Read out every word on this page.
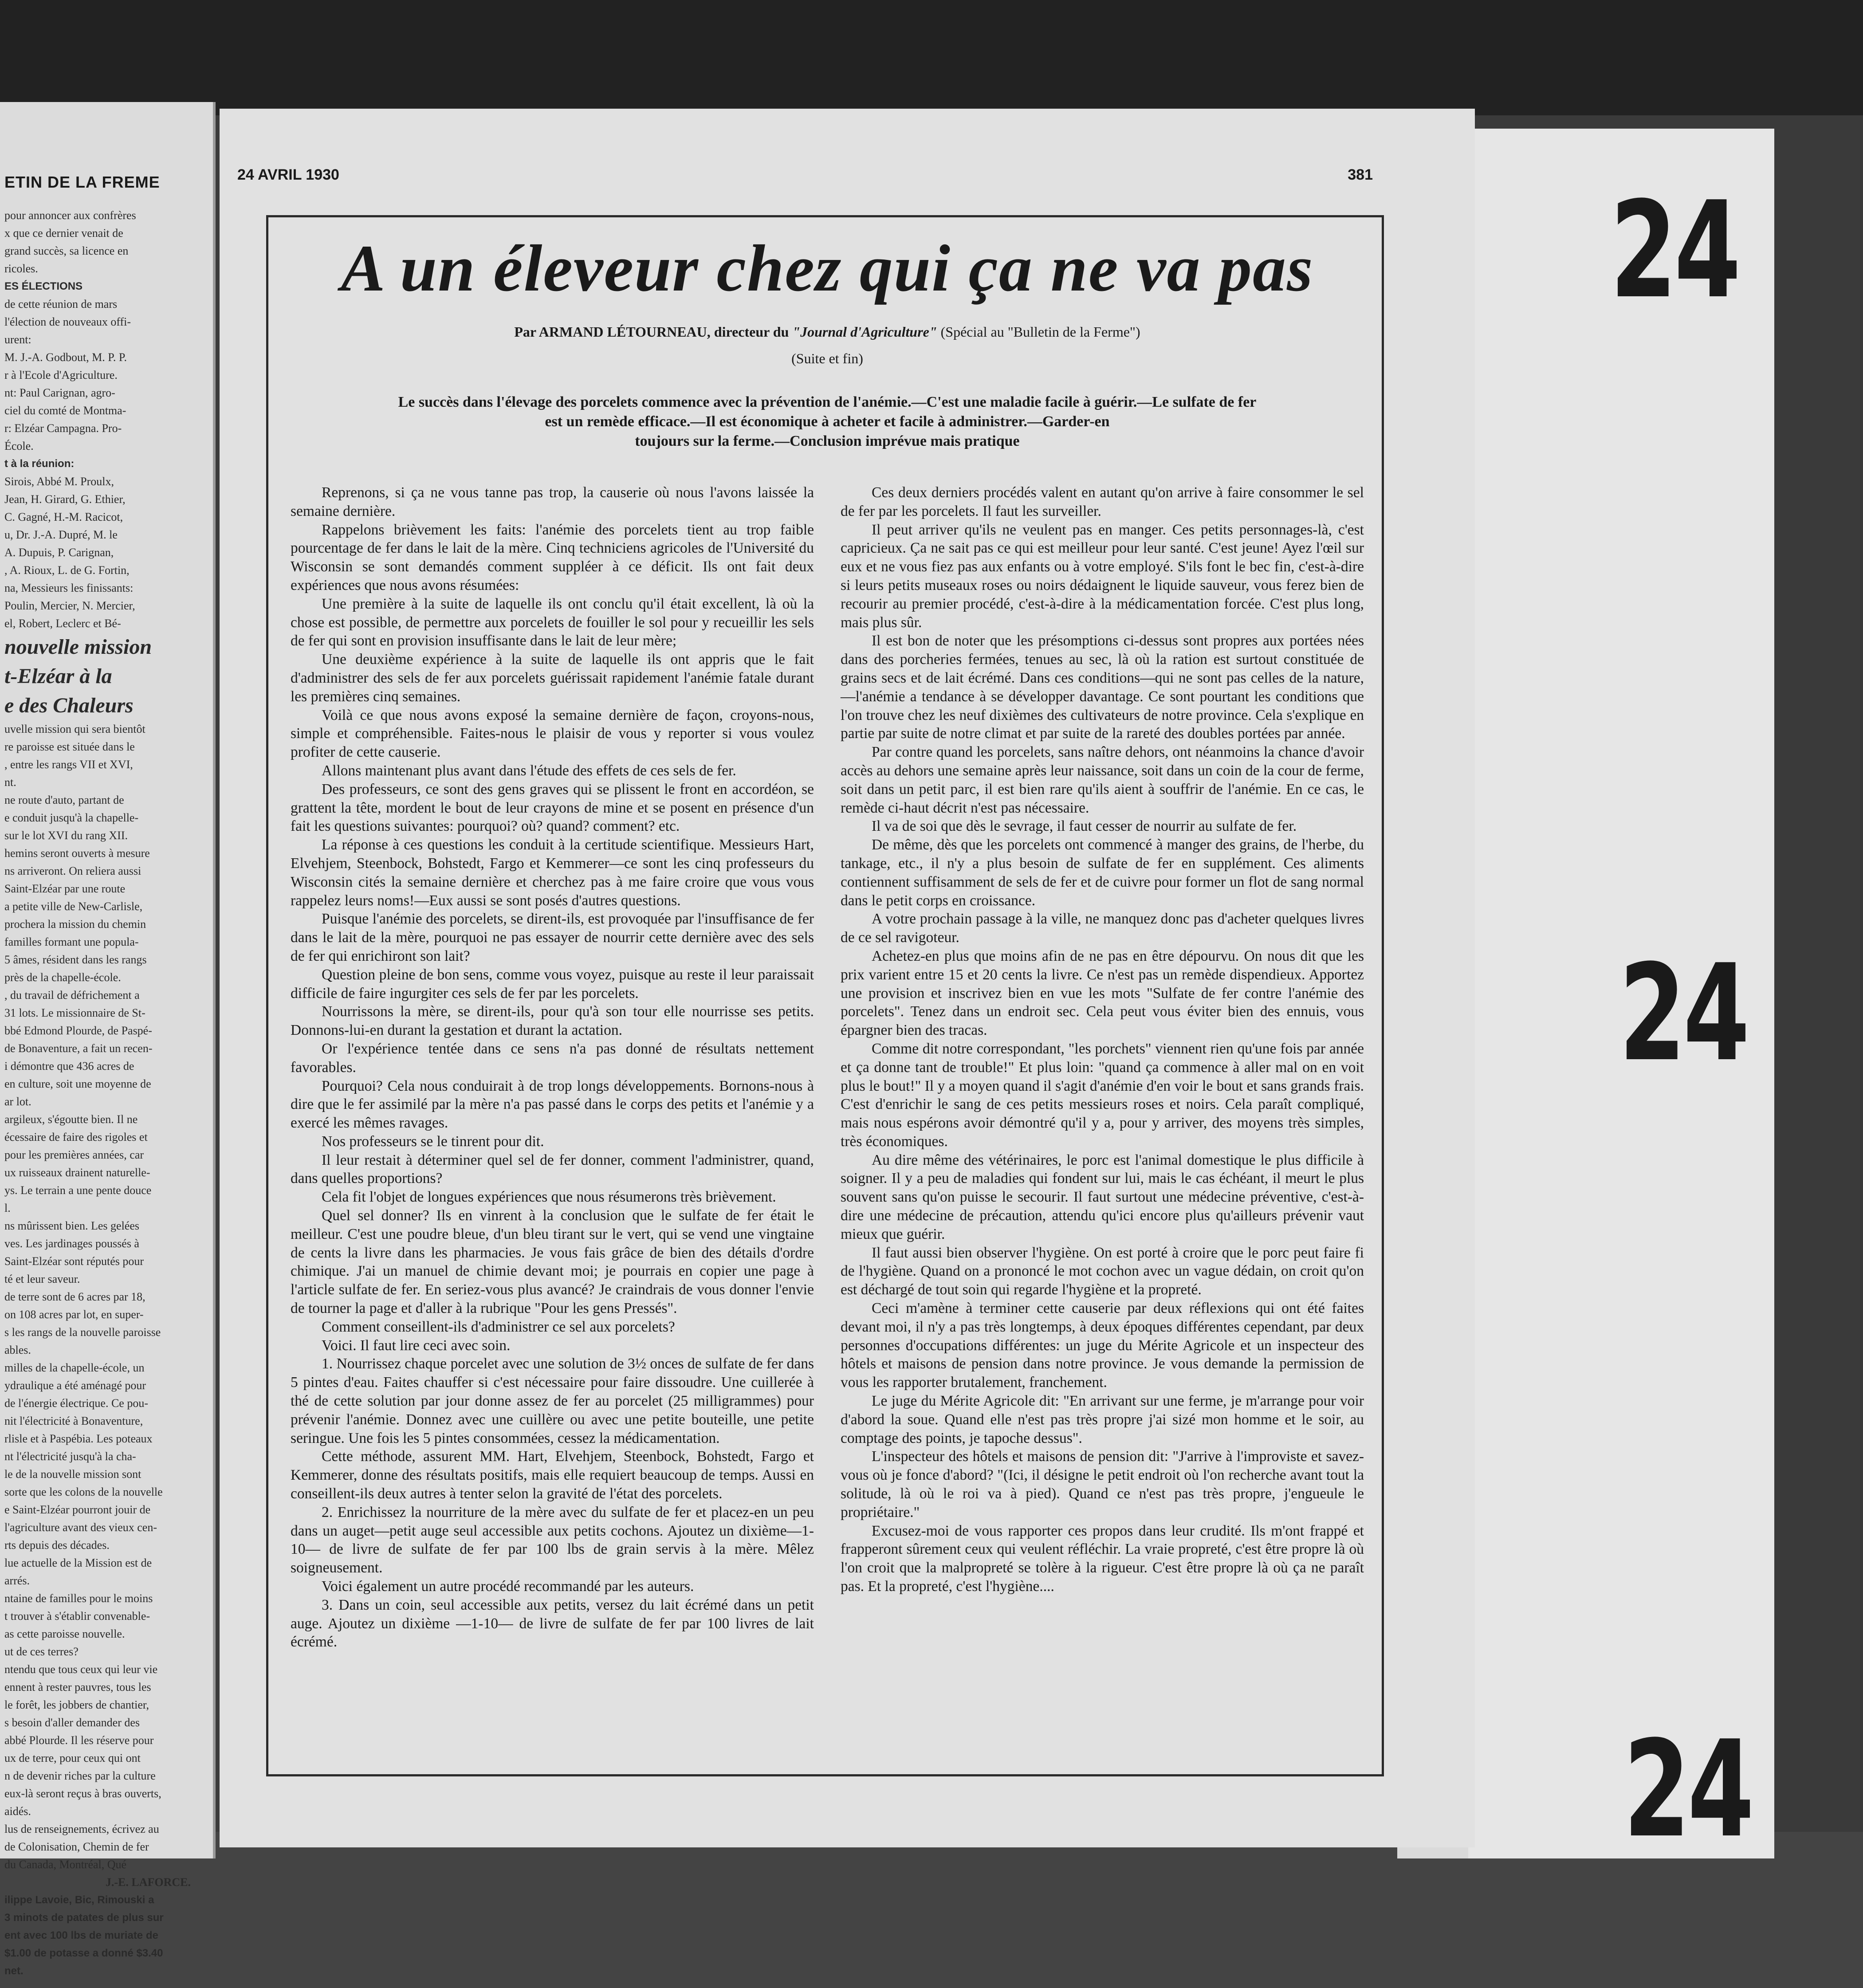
ETIN DE LA FREME

pour annoncer aux confrères

x que ce dernier venait de

grand succès, sa licence en

ricoles.

ES ÉLECTIONS

de cette réunion de mars

l'élection de nouveaux offi-

urent:

M. J.-A. Godbout, M. P. P.

r à l'Ecole d'Agriculture.

nt: Paul Carignan, agro-

ciel du comté de Montma-

r: Elzéar Campagna. Pro-

École.

t à la réunion:

Sirois, Abbé M. Proulx,

Jean, H. Girard, G. Ethier,

C. Gagné, H.-M. Racicot,

u, Dr. J.-A. Dupré, M. le

A. Dupuis, P. Carignan,

, A. Rioux, L. de G. Fortin,

na, Messieurs les finissants:

Poulin, Mercier, N. Mercier,

el, Robert, Leclerc et Bé-

nouvelle mission

t-Elzéar à la

e des Chaleurs

uvelle mission qui sera bientôt

re paroisse est située dans le

, entre les rangs VII et XVI,

nt.

ne route d'auto, partant de

e conduit jusqu'à la chapelle-

sur le lot XVI du rang XII.

hemins seront ouverts à mesure

ns arriveront. On reliera aussi

Saint-Elzéar par une route

a petite ville de New-Carlisle,

prochera la mission du chemin

familles formant une popula-

5 âmes, résident dans les rangs

près de la chapelle-école.

, du travail de défrichement a

31 lots. Le missionnaire de St-

bbé Edmond Plourde, de Paspé-

de Bonaventure, a fait un recen-

i démontre que 436 acres de

en culture, soit une moyenne de

ar lot.

argileux, s'égoutte bien. Il ne

écessaire de faire des rigoles et

pour les premières années, car

ux ruisseaux drainent naturelle-

ys. Le terrain a une pente douce

l.

ns mûrissent bien. Les gelées

ves. Les jardinages poussés à

Saint-Elzéar sont réputés pour

té et leur saveur.

de terre sont de 6 acres par 18,

on 108 acres par lot, en super-

s les rangs de la nouvelle paroisse

ables.

milles de la chapelle-école, un

ydraulique a été aménagé pour

de l'énergie électrique. Ce pou-

nit l'électricité à Bonaventure,

rlisle et à Paspébia. Les poteaux

nt l'électricité jusqu'à la cha-

le de la nouvelle mission sont

sorte que les colons de la nouvelle

e Saint-Elzéar pourront jouir de

l'agriculture avant des vieux cen-

rts depuis des décades.

lue actuelle de la Mission est de

arrés.

ntaine de familles pour le moins

t trouver à s'établir convenable-

as cette paroisse nouvelle.

ut de ces terres?

ntendu que tous ceux qui leur vie

ennent à rester pauvres, tous les

le forêt, les jobbers de chantier,

s besoin d'aller demander des

abbé Plourde. Il les réserve pour

ux de terre, pour ceux qui ont

n de devenir riches par la culture

eux-là seront reçus à bras ouverts,

aidés.

lus de renseignements, écrivez au

de Colonisation, Chemin de fer

du Canada, Montréal, Qué

J.-E. LAFORCE.

ilippe Lavoie, Bic, Rimouski a

3 minots de patates de plus sur

ent avec 100 lbs de muriate de

$1.00 de potasse a donné $3.40

net.

24
24
24
24 AVRIL 1930	381
A un éleveur chez qui ça ne va pas
Par ARMAND LÉTOURNEAU, directeur du "Journal d'Agriculture" (Spécial au "Bulletin de la Ferme")
(Suite et fin)
Le succès dans l'élevage des porcelets commence avec la prévention de l'anémie.—C'est une maladie facile à guérir.—Le sulfate de fer
est un remède efficace.—Il est économique à acheter et facile à administrer.—Garder-en
toujours sur la ferme.—Conclusion imprévue mais pratique

Reprenons, si ça ne vous tanne pas trop, la causerie où nous l'avons laissée la semaine dernière.

Rappelons brièvement les faits: l'anémie des porcelets tient au trop faible pourcentage de fer dans le lait de la mère. Cinq techniciens agricoles de l'Université du Wisconsin se sont demandés comment suppléer à ce déficit. Ils ont fait deux expériences que nous avons résumées:

Une première à la suite de laquelle ils ont conclu qu'il était excellent, là où la chose est possible, de permettre aux porcelets de fouiller le sol pour y recueillir les sels de fer qui sont en provision insuffisante dans le lait de leur mère;

Une deuxième expérience à la suite de laquelle ils ont appris que le fait d'administrer des sels de fer aux porcelets guérissait rapidement l'anémie fatale durant les premières cinq semaines.

Voilà ce que nous avons exposé la semaine dernière de façon, croyons-nous, simple et compréhensible. Faites-nous le plaisir de vous y reporter si vous voulez profiter de cette causerie.

Allons maintenant plus avant dans l'étude des effets de ces sels de fer.

Des professeurs, ce sont des gens graves qui se plissent le front en accordéon, se grattent la tête, mordent le bout de leur crayons de mine et se posent en présence d'un fait les questions suivantes: pourquoi? où? quand? comment? etc.

La réponse à ces questions les conduit à la certitude scientifique. Messieurs Hart, Elvehjem, Steenbock, Bohstedt, Fargo et Kemmerer—ce sont les cinq professeurs du Wisconsin cités la semaine dernière et cherchez pas à me faire croire que vous vous rappelez leurs noms!—Eux aussi se sont posés d'autres questions.

Puisque l'anémie des porcelets, se dirent-ils, est provoquée par l'insuffisance de fer dans le lait de la mère, pourquoi ne pas essayer de nourrir cette dernière avec des sels de fer qui enrichiront son lait?

Question pleine de bon sens, comme vous voyez, puisque au reste il leur paraissait difficile de faire ingurgiter ces sels de fer par les porcelets.

Nourrissons la mère, se dirent-ils, pour qu'à son tour elle nourrisse ses petits. Donnons-lui-en durant la gestation et durant la actation.

Or l'expérience tentée dans ce sens n'a pas donné de résultats nettement favorables.

Pourquoi? Cela nous conduirait à de trop longs développements. Bornons-nous à dire que le fer assimilé par la mère n'a pas passé dans le corps des petits et l'anémie y a exercé les mêmes ravages.

Nos professeurs se le tinrent pour dit.

Il leur restait à déterminer quel sel de fer donner, comment l'administrer, quand, dans quelles proportions?

Cela fit l'objet de longues expériences que nous résumerons très brièvement.

Quel sel donner? Ils en vinrent à la conclusion que le sulfate de fer était le meilleur. C'est une poudre bleue, d'un bleu tirant sur le vert, qui se vend une vingtaine de cents la livre dans les pharmacies. Je vous fais grâce de bien des détails d'ordre chimique. J'ai un manuel de chimie devant moi; je pourrais en copier une page à l'article sulfate de fer. En seriez-vous plus avancé? Je craindrais de vous donner l'envie de tourner la page et d'aller à la rubrique "Pour les gens Pressés".

Comment conseillent-ils d'administrer ce sel aux porcelets?

Voici. Il faut lire ceci avec soin.

1. Nourrissez chaque porcelet avec une solution de 3½ onces de sulfate de fer dans 5 pintes d'eau. Faites chauffer si c'est nécessaire pour faire dissoudre. Une cuillerée à thé de cette solution par jour donne assez de fer au porcelet (25 milligrammes) pour prévenir l'anémie. Donnez avec une cuillère ou avec une petite bouteille, une petite seringue. Une fois les 5 pintes consommées, cessez la médicamentation.

Cette méthode, assurent MM. Hart, Elvehjem, Steenbock, Bohstedt, Fargo et Kemmerer, donne des résultats positifs, mais elle requiert beaucoup de temps. Aussi en conseillent-ils deux autres à tenter selon la gravité de l'état des porcelets.

2. Enrichissez la nourriture de la mère avec du sulfate de fer et placez-en un peu dans un auget—petit auge seul accessible aux petits cochons. Ajoutez un dixième—1-10— de livre de sulfate de fer par 100 lbs de grain servis à la mère. Mêlez soigneusement.

Voici également un autre procédé recommandé par les auteurs.

3. Dans un coin, seul accessible aux petits, versez du lait écrémé dans un petit auge. Ajoutez un dixième —1-10— de livre de sulfate de fer par 100 livres de lait écrémé.

Ces deux derniers procédés valent en autant qu'on arrive à faire consommer le sel de fer par les porcelets. Il faut les surveiller.

Il peut arriver qu'ils ne veulent pas en manger. Ces petits personnages-là, c'est capricieux. Ça ne sait pas ce qui est meilleur pour leur santé. C'est jeune! Ayez l'œil sur eux et ne vous fiez pas aux enfants ou à votre employé. S'ils font le bec fin, c'est-à-dire si leurs petits museaux roses ou noirs dédaignent le liquide sauveur, vous ferez bien de recourir au premier procédé, c'est-à-dire à la médicamentation forcée. C'est plus long, mais plus sûr.

Il est bon de noter que les présomptions ci-dessus sont propres aux portées nées dans des porcheries fermées, tenues au sec, là où la ration est surtout constituée de grains secs et de lait écrémé. Dans ces conditions—qui ne sont pas celles de la nature,—l'anémie a tendance à se développer davantage. Ce sont pourtant les conditions que l'on trouve chez les neuf dixièmes des cultivateurs de notre province. Cela s'explique en partie par suite de notre climat et par suite de la rareté des doubles portées par année.

Par contre quand les porcelets, sans naître dehors, ont néanmoins la chance d'avoir accès au dehors une semaine après leur naissance, soit dans un coin de la cour de ferme, soit dans un petit parc, il est bien rare qu'ils aient à souffrir de l'anémie. En ce cas, le remède ci-haut décrit n'est pas nécessaire.

Il va de soi que dès le sevrage, il faut cesser de nourrir au sulfate de fer.

De même, dès que les porcelets ont commencé à manger des grains, de l'herbe, du tankage, etc., il n'y a plus besoin de sulfate de fer en supplément. Ces aliments contiennent suffisamment de sels de fer et de cuivre pour former un flot de sang normal dans le petit corps en croissance.

A votre prochain passage à la ville, ne manquez donc pas d'acheter quelques livres de ce sel ravigoteur.

Achetez-en plus que moins afin de ne pas en être dépourvu. On nous dit que les prix varient entre 15 et 20 cents la livre. Ce n'est pas un remède dispendieux. Apportez une provision et inscrivez bien en vue les mots "Sulfate de fer contre l'anémie des porcelets". Tenez dans un endroit sec. Cela peut vous éviter bien des ennuis, vous épargner bien des tracas.

Comme dit notre correspondant, "les porchets" viennent rien qu'une fois par année et ça donne tant de trouble!" Et plus loin: "quand ça commence à aller mal on en voit plus le bout!" Il y a moyen quand il s'agit d'anémie d'en voir le bout et sans grands frais. C'est d'enrichir le sang de ces petits messieurs roses et noirs. Cela paraît compliqué, mais nous espérons avoir démontré qu'il y a, pour y arriver, des moyens très simples, très économiques.

Au dire même des vétérinaires, le porc est l'animal domestique le plus difficile à soigner. Il y a peu de maladies qui fondent sur lui, mais le cas échéant, il meurt le plus souvent sans qu'on puisse le secourir. Il faut surtout une médecine préventive, c'est-à-dire une médecine de précaution, attendu qu'ici encore plus qu'ailleurs prévenir vaut mieux que guérir.

Il faut aussi bien observer l'hygiène. On est porté à croire que le porc peut faire fi de l'hygiène. Quand on a prononcé le mot cochon avec un vague dédain, on croit qu'on est déchargé de tout soin qui regarde l'hygiène et la propreté.

Ceci m'amène à terminer cette causerie par deux réflexions qui ont été faites devant moi, il n'y a pas très longtemps, à deux époques différentes cependant, par deux personnes d'occupations différentes: un juge du Mérite Agricole et un inspecteur des hôtels et maisons de pension dans notre province. Je vous demande la permission de vous les rapporter brutalement, franchement.

Le juge du Mérite Agricole dit: "En arrivant sur une ferme, je m'arrange pour voir d'abord la soue. Quand elle n'est pas très propre j'ai sizé mon homme et le soir, au comptage des points, je tapoche dessus".

L'inspecteur des hôtels et maisons de pension dit: "J'arrive à l'improviste et savez-vous où je fonce d'abord? "(Ici, il désigne le petit endroit où l'on recherche avant tout la solitude, là où le roi va à pied). Quand ce n'est pas très propre, j'engueule le propriétaire."

Excusez-moi de vous rapporter ces propos dans leur crudité. Ils m'ont frappé et frapperont sûrement ceux qui veulent réfléchir. La vraie propreté, c'est être propre là où l'on croit que la malpropreté se tolère à la rigueur. C'est être propre là où ça ne paraît pas. Et la propreté, c'est l'hygiène....
